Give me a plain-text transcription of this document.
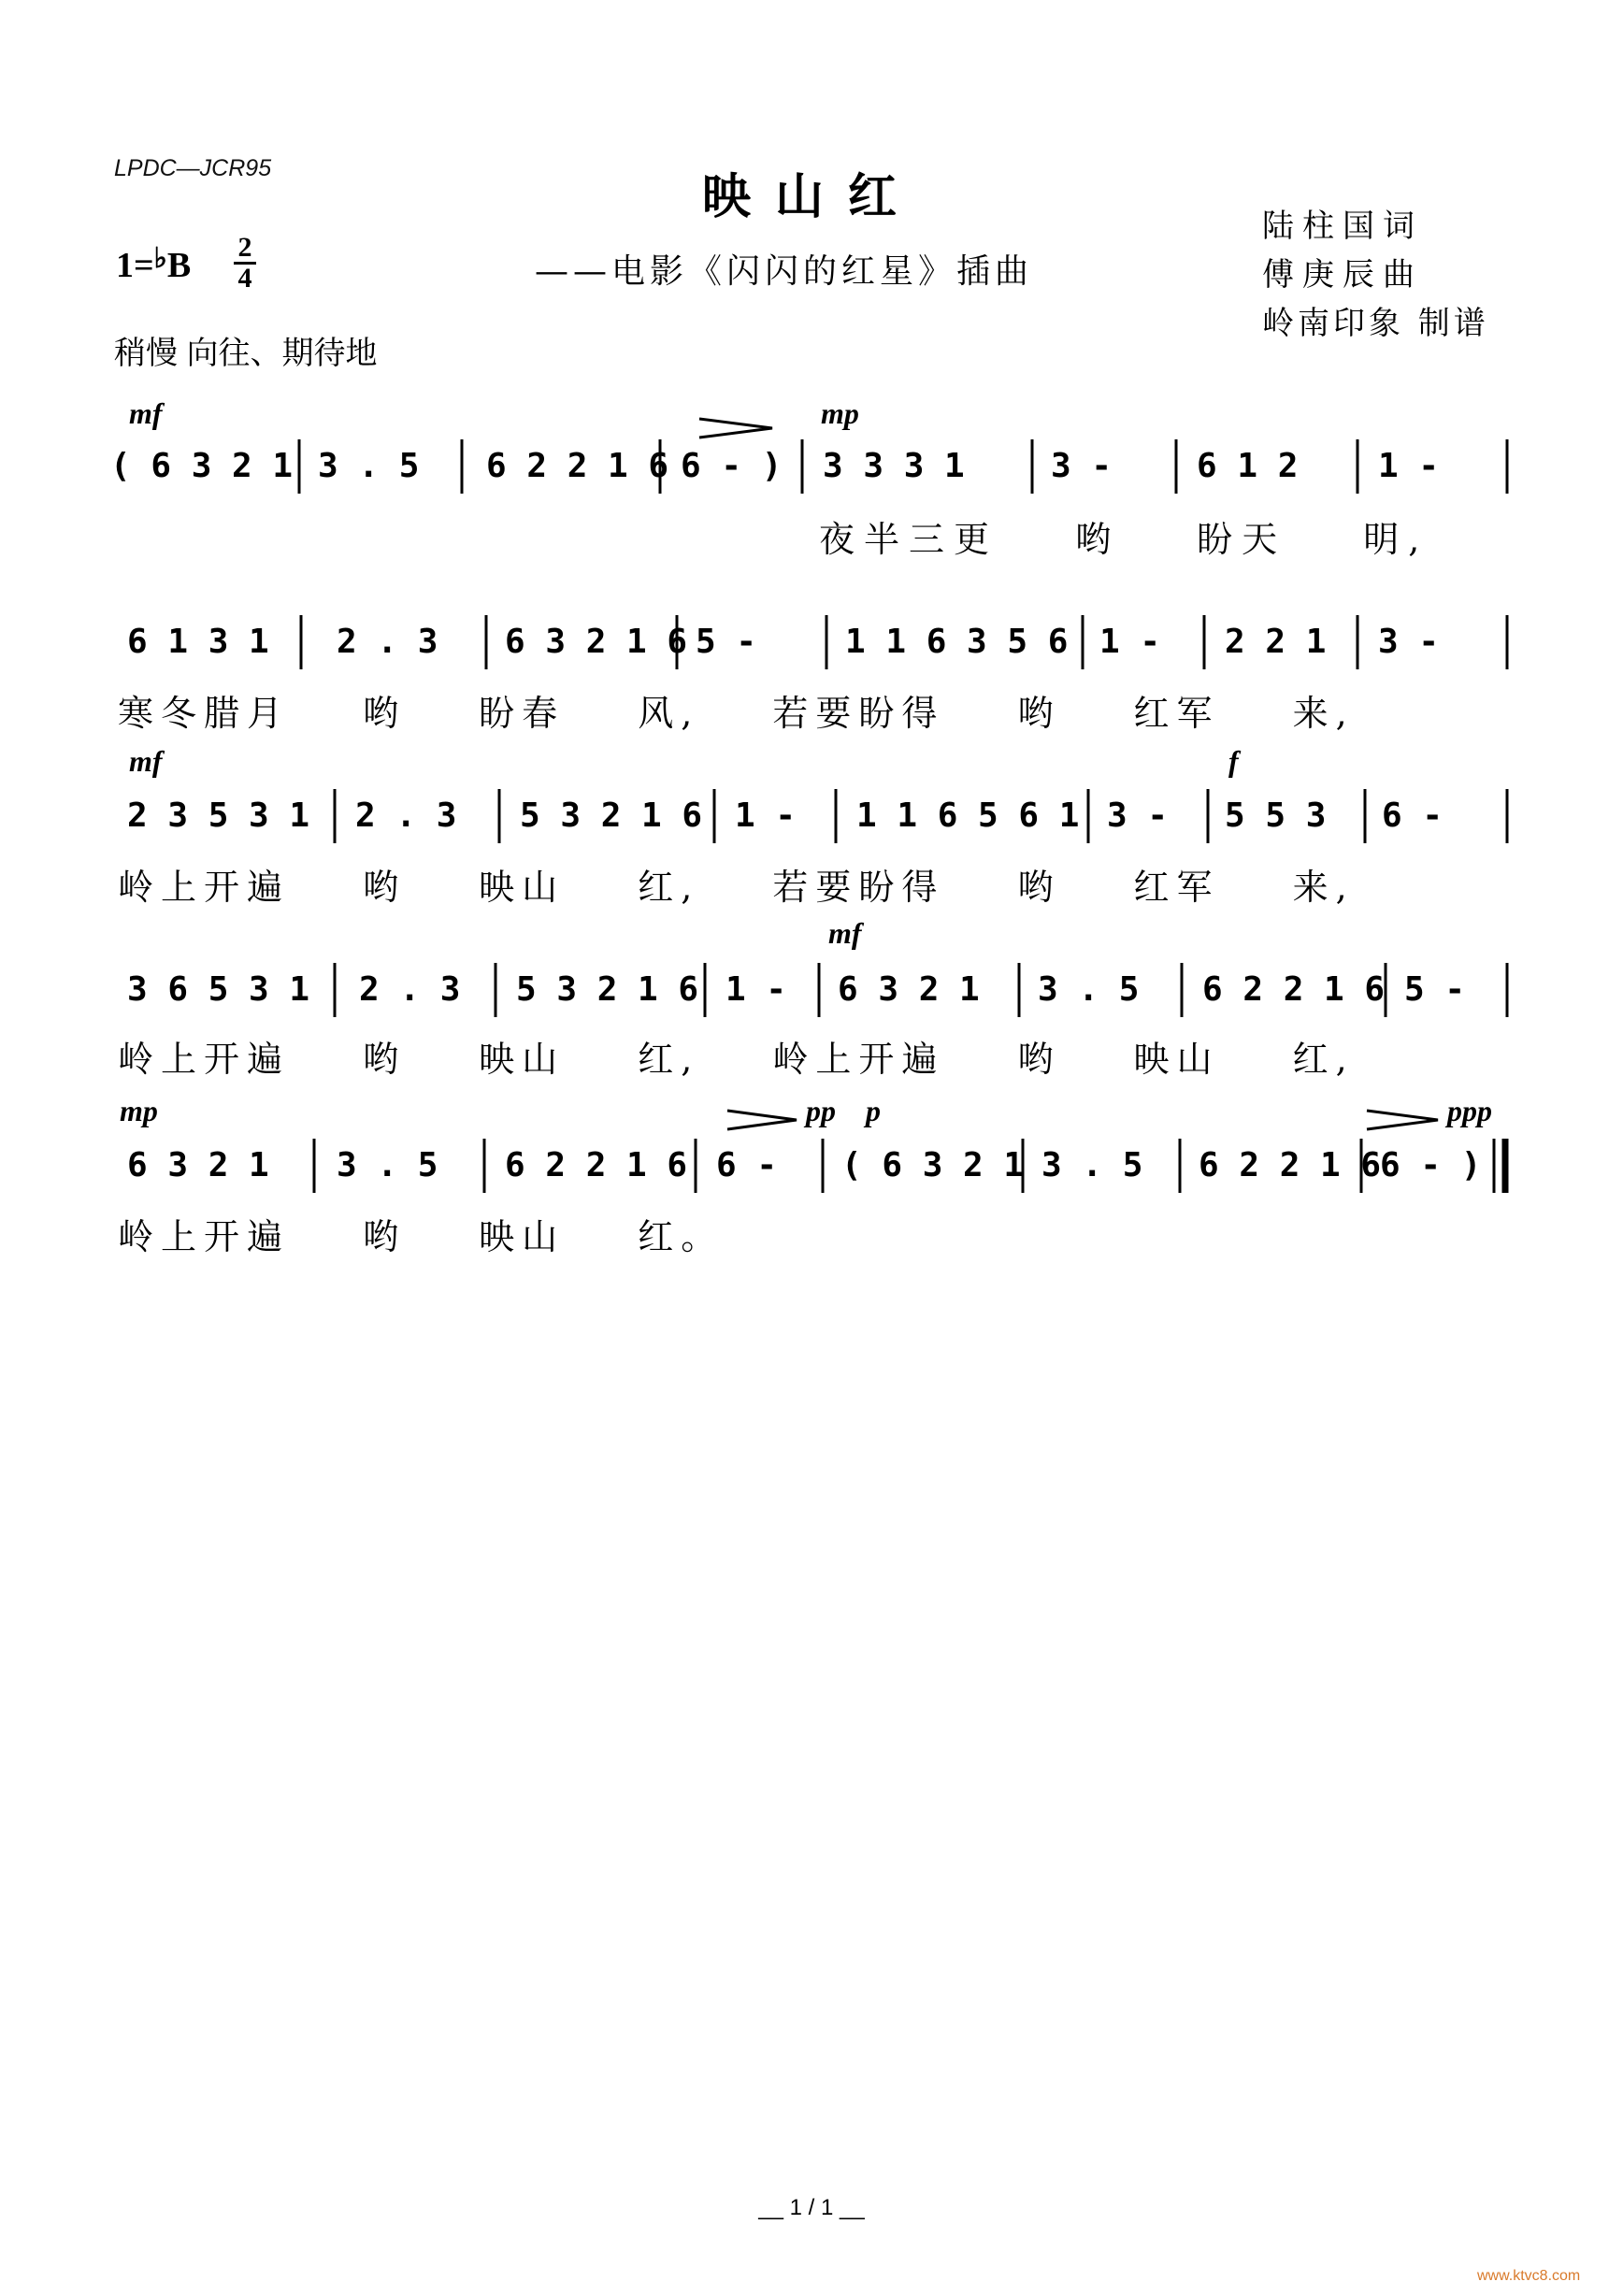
LPDC—JCR95	映山红
——电影《闪闪的红星》插曲
陆柱国词
傅庚辰曲
岭南印象 制谱
1=♭B 2
4
稍慢 向往、期待地
mf	mp
( 6 3 2 1 3 . 5 6 2 2 1 6 6 - ) 3 3 3 1	3 -	6 1 2 1 -
夜半三更 哟 盼天 明,
6 1 3 1 2 . 3 6 3 2 1 6 5 -	1 1 6 3 5 6 1 - 2 2 1 3 -
寒冬腊月 哟 盼春 风, 若要盼得 哟 红军 来,
mf	f
2 3 5 3 1 2 . 3 5 3 2 1 6 1 - 1 1 6 5 6 1 3 - 5 5 3 6 -
岭上开遍 哟 映山 红, 若要盼得 哟 红军 来,
mf
3 6 5 3 1 2 . 3 5 3 2 1 6 1 - 6 3 2 1 3 . 5 6 2 2 1 6 5 -
岭上开遍 哟 映山 红, 岭上开遍 哟 映山 红,
mp	pp p	ppp
6 3 2 1 3 . 5 6 2 2 1 6 6 - ( 6 3 2 1 3 . 5 6 2 2 1 6
6 - )
岭上开遍 哟 映山 红。
__ 1 / 1 __
www.ktvc8.com
